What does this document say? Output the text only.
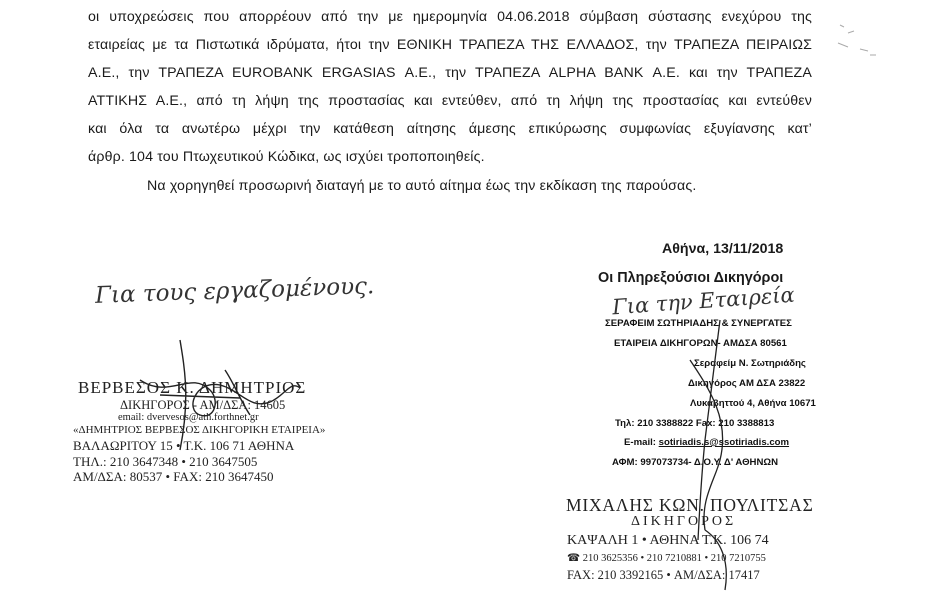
οι υποχρεώσεις που απορρέουν από την με ημερομηνία 04.06.2018 σύμβαση σύστασης ενεχύρου της

εταιρείας με τα Πιστωτικά ιδρύματα, ήτοι την ΕΘΝΙΚΗ ΤΡΑΠΕΖΑ ΤΗΣ ΕΛΛΑΔΟΣ, την ΤΡΑΠΕΖΑ ΠΕΙΡΑΙΩΣ

Α.Ε., την ΤΡΑΠΕΖΑ EUROBANK ERGASIAS Α.Ε., την ΤΡΑΠΕΖΑ ALPHA BANK Α.Ε. και την ΤΡΑΠΕΖΑ

ΑΤΤΙΚΗΣ Α.Ε., από τη λήψη της προστασίας και εντεύθεν, από τη λήψη της προστασίας και εντεύθεν

και όλα τα ανωτέρω μέχρι την κατάθεση αίτησης άμεσης επικύρωσης συμφωνίας εξυγίανσης κατ’

άρθρ. 104 του Πτωχευτικού Κώδικα, ως ισχύει τροποποιηθείς.

Να χορηγηθεί προσωρινή διαταγή με το αυτό αίτημα έως την εκδίκαση της παρούσας.

Αθήνα, 13/11/2018
Οι Πληρεξούσιοι Δικηγόροι
Για τους εργαζομένους.	Για την Εταιρεία
ΒΕΡΒΕΣΟΣ Κ. ΔΗΜΗΤΡΙΟΣ
ΔΙΚΗΓΟΡΟΣ - ΑΜ/ΔΣΑ: 14605
email: dvervesos@ath.forthnet.gr
«ΔΗΜΗΤΡΙΟΣ ΒΕΡΒΕΣΟΣ ΔΙΚΗΓΟΡΙΚΗ ΕΤΑΙΡΕΙΑ»
ΒΑΛΑΩΡΙΤΟΥ 15 • Τ.Κ. 106 71 ΑΘΗΝΑ
ΤΗΛ.: 210 3647348 • 210 3647505
ΑΜ/ΔΣΑ: 80537 • FAX: 210 3647450
ΣΕΡΑΦΕΙΜ ΣΩΤΗΡΙΑΔΗΣ & ΣΥΝΕΡΓΑΤΕΣ
ΕΤΑΙΡΕΙΑ ΔΙΚΗΓΟΡΩΝ- ΑΜΔΣΑ 80561
Σεραφείμ Ν. Σωτηριάδης
Δικηγόρος ΑΜ ΔΣΑ 23822
Λυκαβηττού 4, Αθήνα 10671
Τηλ: 210 3388822 Fax: 210 3388813
E-mail: sotiriadis.s@ssotiriadis.com
ΑΦΜ: 997073734- Δ.Ο.Υ. Δ' ΑΘΗΝΩΝ
ΜΙΧΑΛΗΣ ΚΩΝ. ΠΟΥΛΙΤΣΑΣ
ΔΙΚΗΓΟΡΟΣ
ΚΑΨΑΛΗ 1 • ΑΘΗΝΑ Τ.Κ. 106 74
☎ 210 3625356 • 210 7210881 • 210 7210755
FAX: 210 3392165 • ΑΜ/ΔΣΑ: 17417
